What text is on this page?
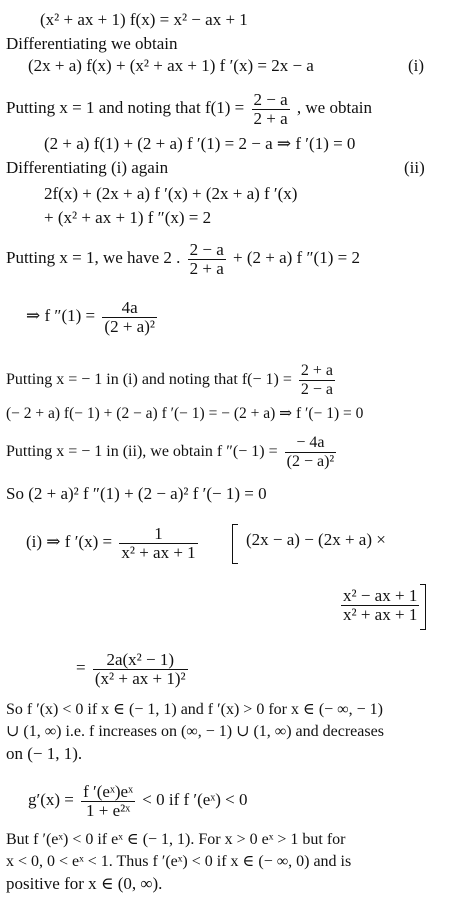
(x² + ax + 1) f(x) = x² − ax + 1
Differentiating we obtain
(2x + a) f(x) + (x² + ax + 1) f ′(x) = 2x − a	(i)
Putting x = 1 and noting that $f(1) = \frac{2 - a}{2 + a}$ , we obtain
(2 + a) f(1) + (2 + a) f ′(1) = 2 − a ⇒ f ′(1) = 0
Differentiating (i) again	(ii)
2f(x) + (2x + a) f ′(x) + (2x + a) f ′(x)
+ (x² + ax + 1) f ″(x) = 2
Putting x = 1, we have 2 . $\frac{2 - a}{2 + a} + (2 + a)$ f ″(1) = 2
⇒ f $''(1) = \frac{4a}{\text{(2 + a)²}}$
Putting x = − 1 in (i) and noting that $f(- 1) = \frac{2 + a}{2 - a}$
(− 2 + a) f(− 1) + (2 − a) f ′(− 1) = − (2 + a) ⇒ f ′(− 1) = 0
Putting x = − 1 in (ii), we obtain f ″(− $1) = \frac{- 4a}{\text{(2 − a)²}}$
So (2 + a)² f ″(1) + (2 − a)² f ′(− 1) = 0
(i) ⇒ f $'(x) = \frac{1}{\text{x² + ax + 1}}$	(2x − a) − (2x + a) ×
$\frac{\text{x² − ax + 1}}{\text{x² + ax + 1}}$
= $\frac{\text{2a(x² − 1)}}{\text{(x² + ax + 1)²}}$
So f ′(x) < 0 if x ∈ (− 1, 1) and f ′(x) > 0 for x ∈ (− ∞, − 1)
∪ (1, ∞) i.e. f increases on (∞, − 1) ∪ (1, ∞) and decreases
on (− 1, 1).
$g'(x) = \frac{\text{f ′(eˣ)eˣ}}{\text{1 + e²ˣ}} < 0$ if f ′(eˣ) < 0
But f ′(eˣ) < 0 if eˣ ∈ (− 1, 1). For x > 0 eˣ > 1 but for
x < 0, 0 < eˣ < 1. Thus f ′(eˣ) < 0 if x ∈ (− ∞, 0) and is
positive for x ∈ (0, ∞).
